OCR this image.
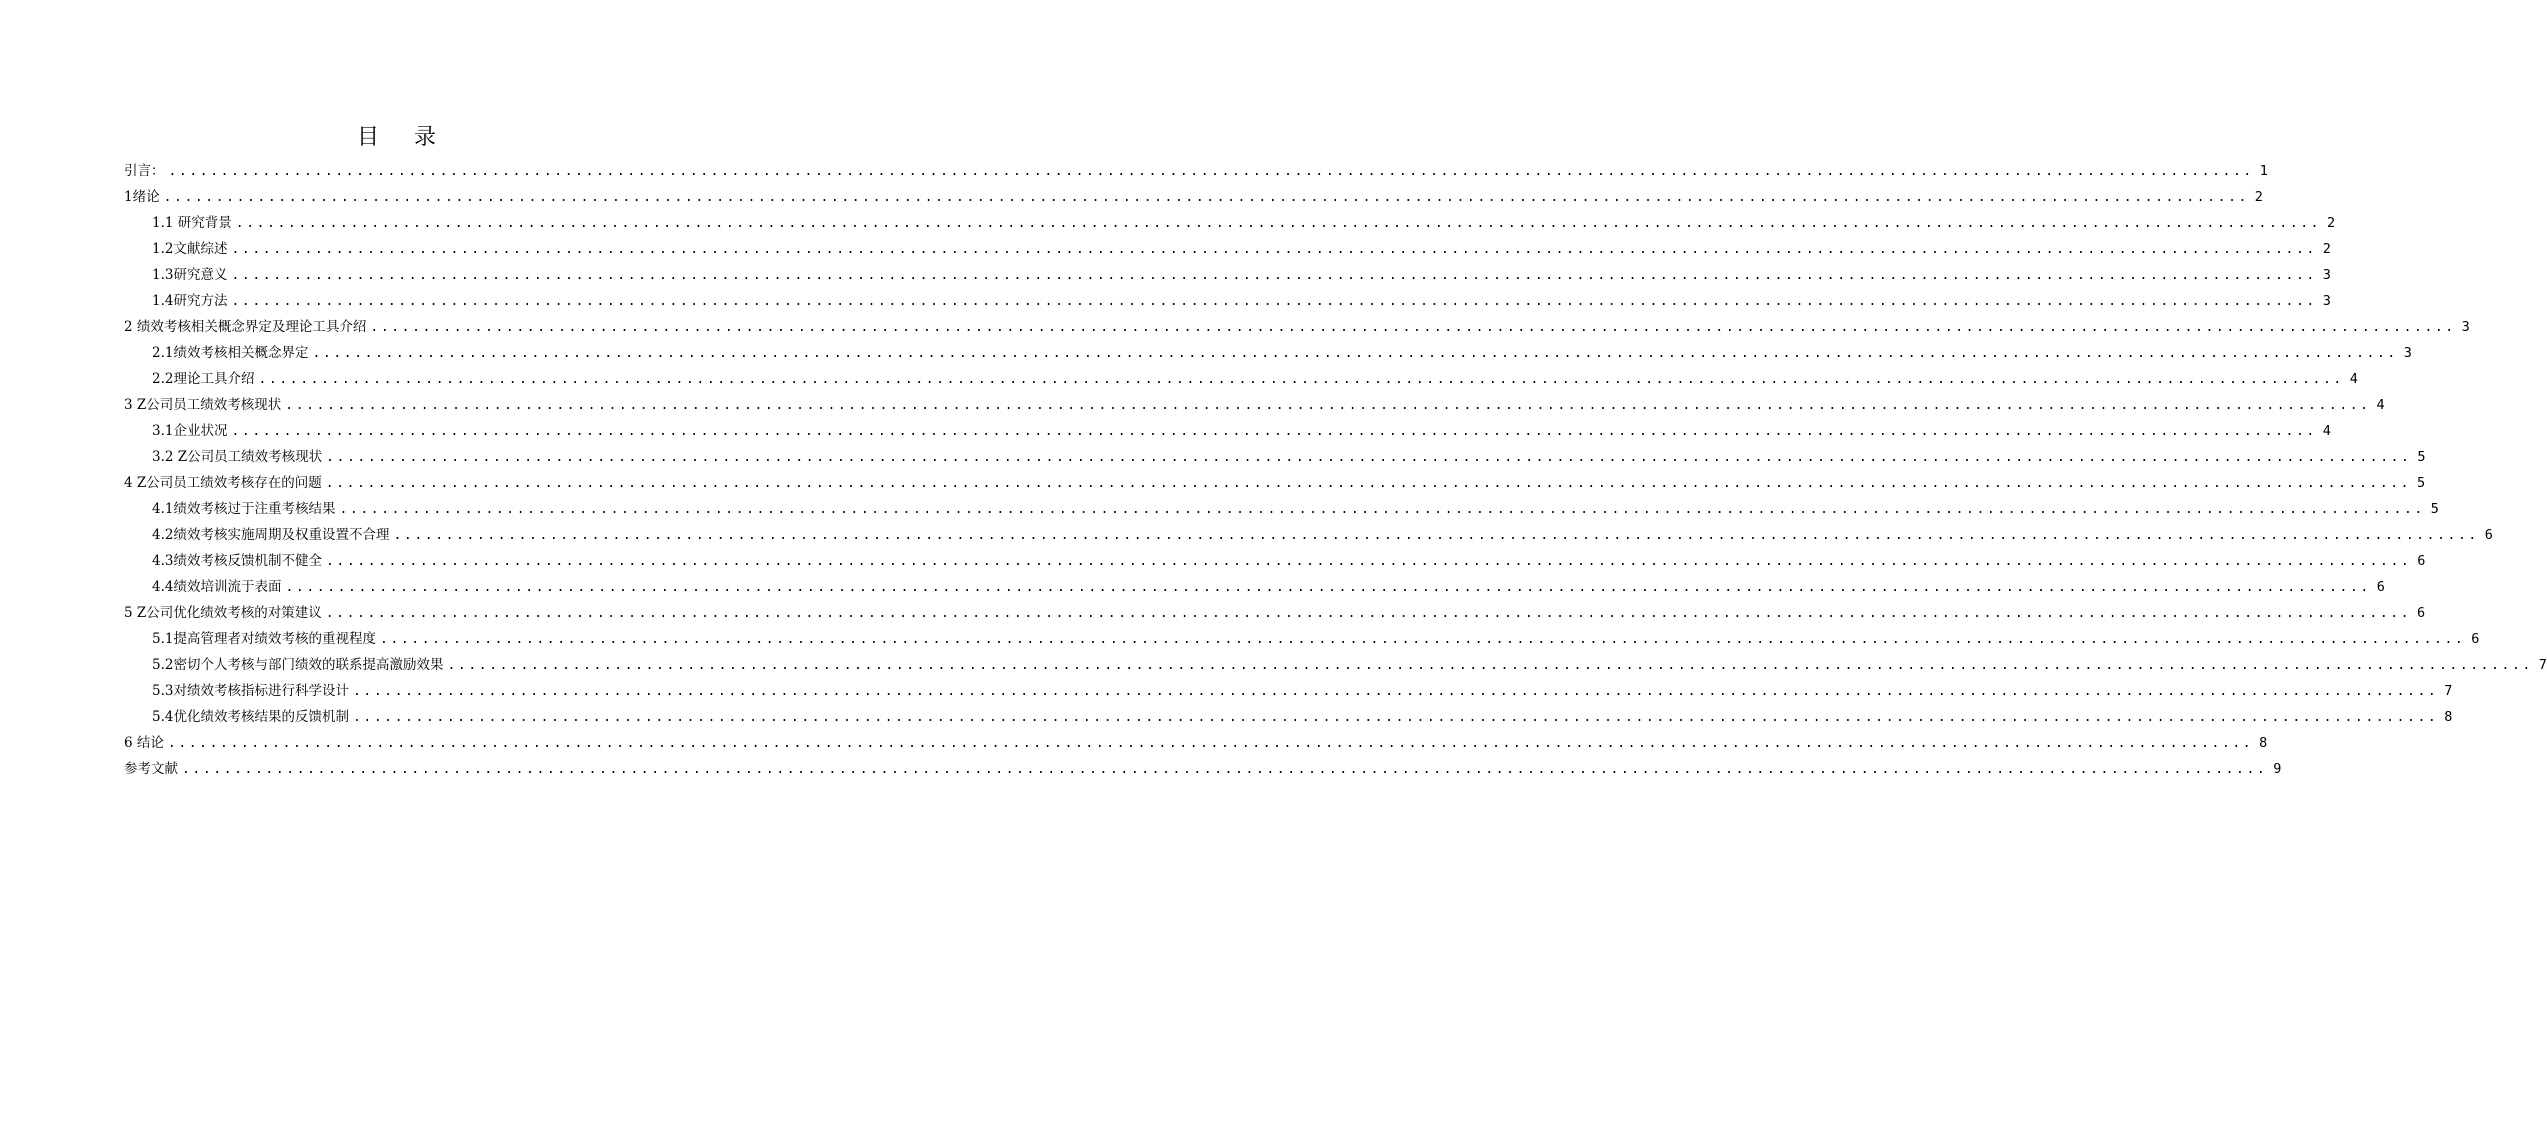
目 录
引言： ........................................................................................................................................................................................................ 1
1绪论 ........................................................................................................................................................................................................ 2
1.1 研究背景 ........................................................................................................................................................................................................ 2
1.2文献综述 ........................................................................................................................................................................................................ 2
1.3研究意义 ........................................................................................................................................................................................................ 3
1.4研究方法 ........................................................................................................................................................................................................ 3
2 绩效考核相关概念界定及理论工具介绍 ........................................................................................................................................................................................................ 3
2.1绩效考核相关概念界定 ........................................................................................................................................................................................................ 3
2.2理论工具介绍 ........................................................................................................................................................................................................ 4
3 Z公司员工绩效考核现状 ........................................................................................................................................................................................................ 4
3.1企业状况 ........................................................................................................................................................................................................ 4
3.2 Z公司员工绩效考核现状 ........................................................................................................................................................................................................ 5
4 Z公司员工绩效考核存在的问题 ........................................................................................................................................................................................................ 5
4.1绩效考核过于注重考核结果 ........................................................................................................................................................................................................ 5
4.2绩效考核实施周期及权重设置不合理 ........................................................................................................................................................................................................ 6
4.3绩效考核反馈机制不健全 ........................................................................................................................................................................................................ 6
4.4绩效培训流于表面 ........................................................................................................................................................................................................ 6
5 Z公司优化绩效考核的对策建议 ........................................................................................................................................................................................................ 6
5.1提高管理者对绩效考核的重视程度 ........................................................................................................................................................................................................ 6
5.2密切个人考核与部门绩效的联系提高激励效果 ........................................................................................................................................................................................................ 7
5.3对绩效考核指标进行科学设计 ........................................................................................................................................................................................................ 7
5.4优化绩效考核结果的反馈机制 ........................................................................................................................................................................................................ 8
6 结论 ........................................................................................................................................................................................................ 8
参考文献 ........................................................................................................................................................................................................ 9
